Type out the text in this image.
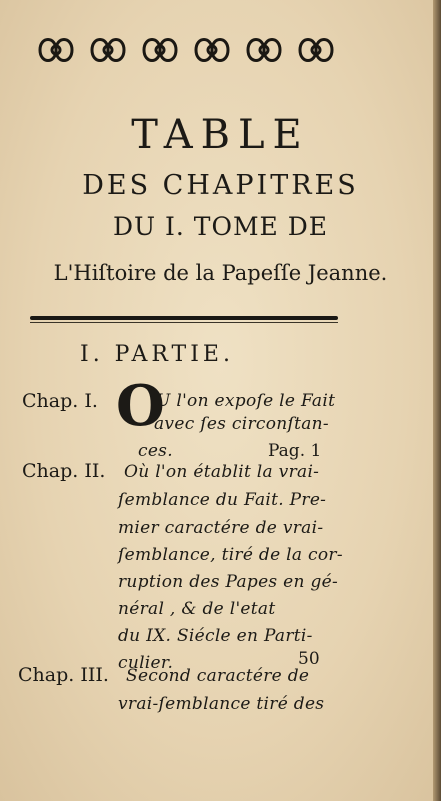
TABLE
DES CHAPITRES
DU I. TOME DE
L'Hiſtoire de la Papeſſe Jeanne.
I. PARTIE.
Chap. I. O
U l'on expoſe le Fait
avec ſes circonſtan-
ces.	Pag. 1
Chap. II. Où l'on établit la vrai-
ſemblance du Fait. Pre-
mier caractére de vrai-
ſemblance, tiré de la cor-
ruption des Papes en gé-
néral , & de l'etat
du IX. Siécle en Parti-
culier.	50
Chap. III. Second caractére de
vrai-ſemblance tiré des
